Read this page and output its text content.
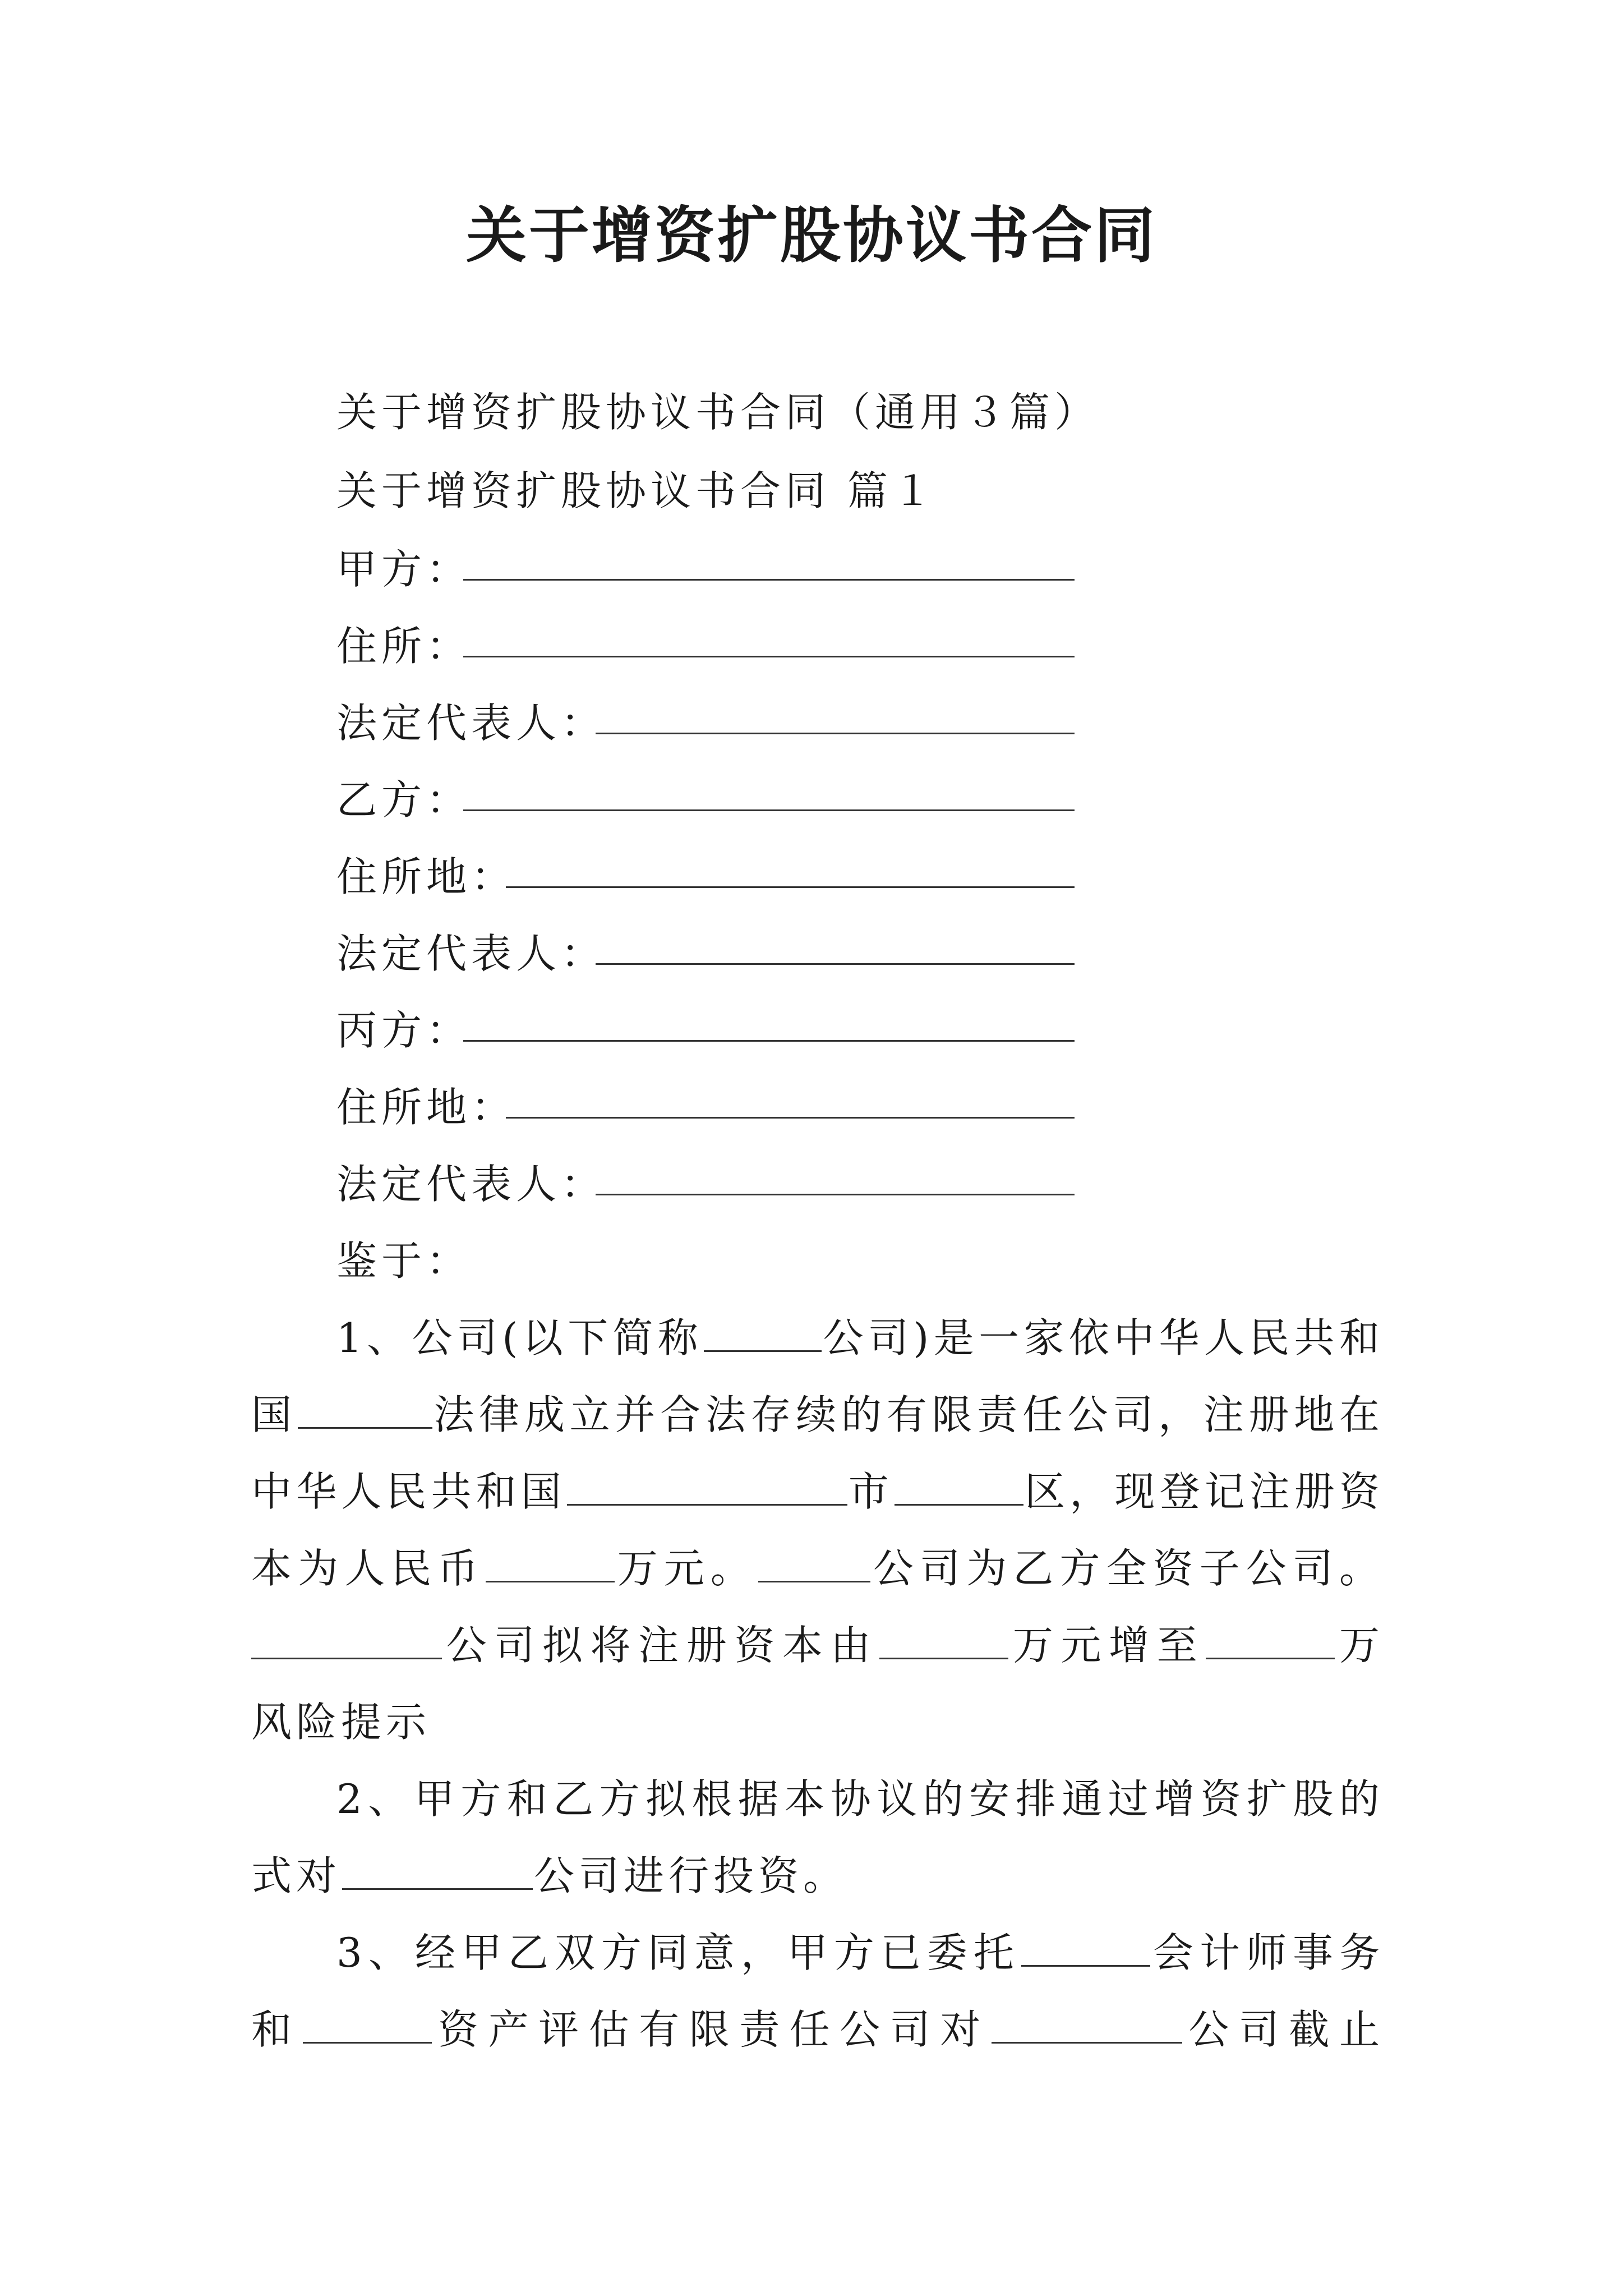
关于增资扩股协议书合同
关于增资扩股协议书合同（通用３篇）
关于增资扩股协议书合同 篇１
甲方：
住所：
法定代表人：
乙方：
住所地：
法定代表人：
丙方：
住所地：
法定代表人：
鉴于：
1、公司(以下简称	公司)是一家依中华人民共和
国	法律成立并合法存续的有限责任公司，注册地在
中华人民共和国	市	区，现登记注册资
本为人民币	万元。	公司为乙方全资子公司。
公司拟将注册资本由	万元增至	万
风险提示
2、甲方和乙方拟根据本协议的安排通过增资扩股的
式对	公司进行投资。
3、经甲乙双方同意，甲方已委托	会计师事务
和	资产评估有限责任公司对	公司截止
